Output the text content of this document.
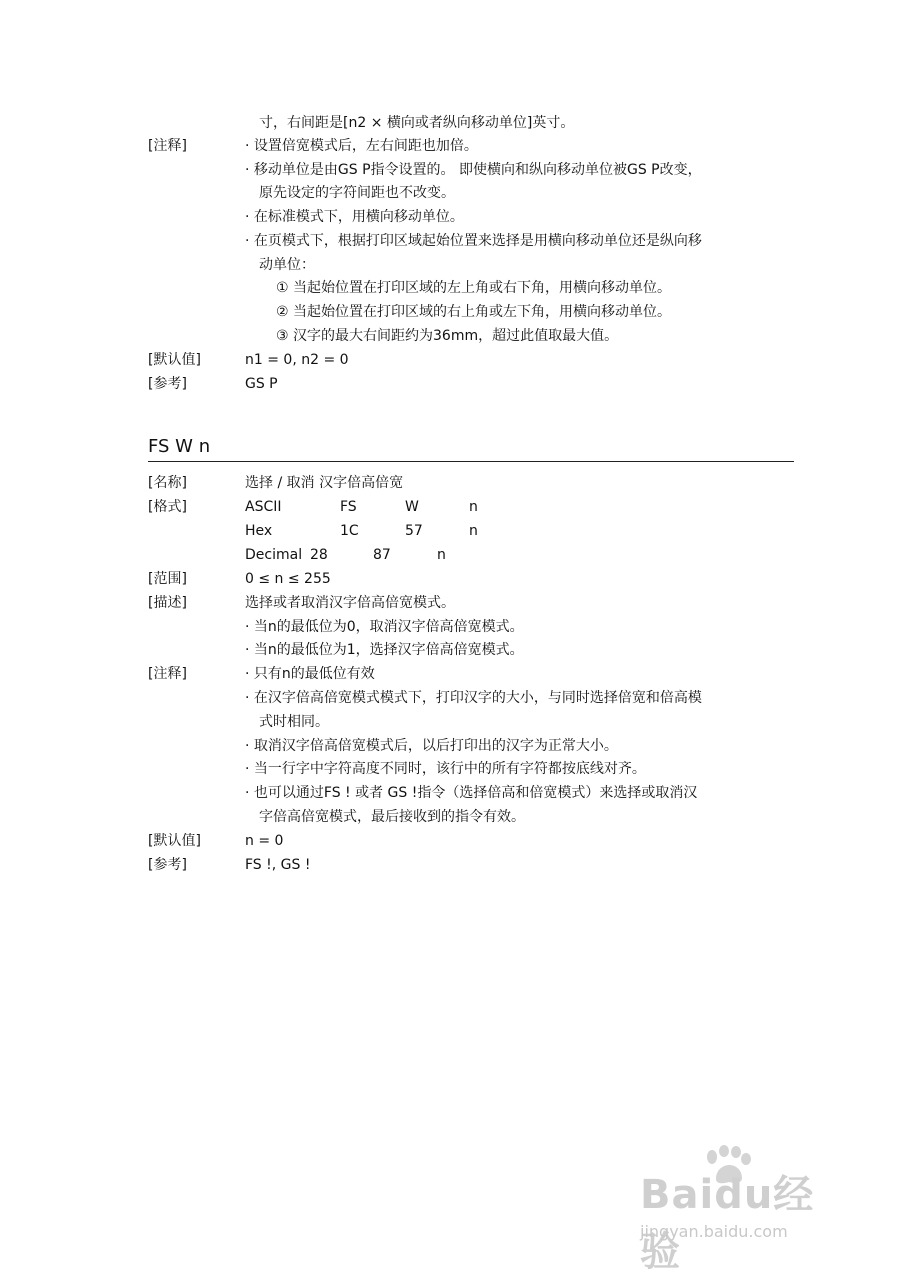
寸，右间距是[n2 × 横向或者纵向移动单位]英寸。
[注释]	· 设置倍宽模式后，左右间距也加倍。
· 移动单位是由GS P指令设置的。 即使横向和纵向移动单位被GS P改变，
原先设定的字符间距也不改变。
· 在标准模式下，用横向移动单位。
· 在页模式下，根据打印区域起始位置来选择是用横向移动单位还是纵向移
动单位：
① 当起始位置在打印区域的左上角或右下角，用横向移动单位。
② 当起始位置在打印区域的右上角或左下角，用横向移动单位。
③ 汉字的最大右间距约为36mm，超过此值取最大值。
[默认值]	n1 = 0, n2 = 0
[参考]	GS P
FS W n
[名称]	选择 / 取消 汉字倍高倍宽
[格式]	ASCII	FS	W	n
Hex	1C	57	n
Decimal 28	87	n
[范围]	0 ≤ n ≤ 255
[描述]	选择或者取消汉字倍高倍宽模式。
· 当n的最低位为0，取消汉字倍高倍宽模式。
· 当n的最低位为1，选择汉字倍高倍宽模式。
[注释]	· 只有n的最低位有效
· 在汉字倍高倍宽模式模式下，打印汉字的大小，与同时选择倍宽和倍高模
式时相同。
· 取消汉字倍高倍宽模式后，以后打印出的汉字为正常大小。
· 当一行字中字符高度不同时，该行中的所有字符都按底线对齐。
· 也可以通过FS ! 或者 GS !指令（选择倍高和倍宽模式）来选择或取消汉
字倍高倍宽模式，最后接收到的指令有效。
[默认值]	n = 0
[参考]	FS !, GS !
Baidu经验
jingyan.baidu.com
